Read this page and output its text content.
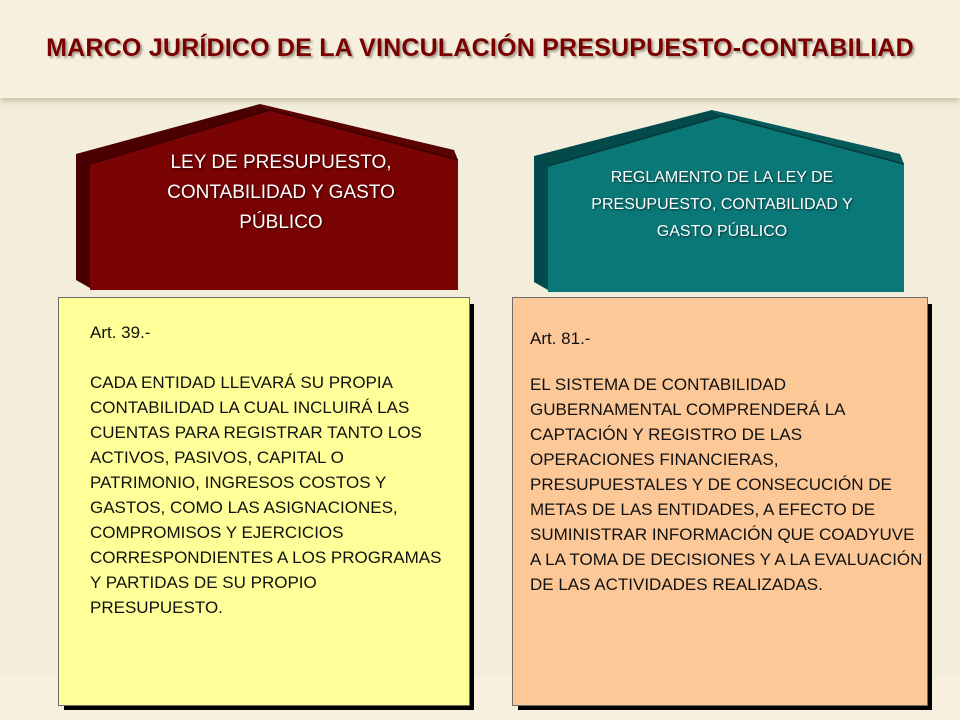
MARCO JURÍDICO DE LA VINCULACIÓN PRESUPUESTO-CONTABILIAD
LEY DE PRESUPUESTO, CONTABILIDAD Y GASTO PÚBLICO
REGLAMENTO DE LA LEY DE PRESUPUESTO, CONTABILIDAD Y GASTO PÚBLICO
Art. 39.-
CADA ENTIDAD LLEVARÁ SU PROPIA CONTABILIDAD LA CUAL INCLUIRÁ LAS CUENTAS PARA REGISTRAR TANTO LOS ACTIVOS, PASIVOS, CAPITAL O PATRIMONIO, INGRESOS COSTOS Y GASTOS, COMO LAS ASIGNACIONES, COMPROMISOS Y EJERCICIOS CORRESPONDIENTES A LOS PROGRAMAS Y PARTIDAS DE SU PROPIO PRESUPUESTO.
Art. 81.-
EL SISTEMA DE CONTABILIDAD GUBERNAMENTAL COMPRENDERÁ LA CAPTACIÓN Y REGISTRO DE LAS OPERACIONES FINANCIERAS, PRESUPUESTALES Y DE CONSECUCIÓN DE METAS DE LAS ENTIDADES, A EFECTO DE SUMINISTRAR INFORMACIÓN QUE COADYUVE A LA TOMA DE DECISIONES Y A LA EVALUACIÓN DE LAS ACTIVIDADES REALIZADAS.
